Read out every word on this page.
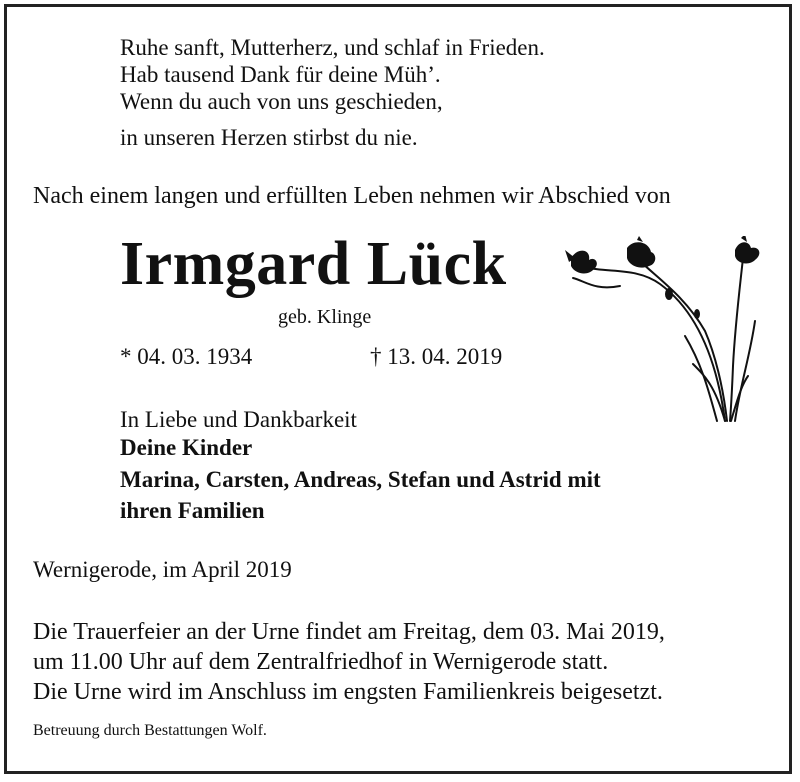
Ruhe sanft, Mutterherz, und schlaf in Frieden.
Hab tausend Dank für deine Müh’.
Wenn du auch von uns geschieden,
in unseren Herzen stirbst du nie.
Nach einem langen und erfüllten Leben nehmen wir Abschied von
Irmgard Lück
geb. Klinge
* 04. 03. 1934	† 13. 04. 2019
In Liebe und Dankbarkeit
Deine Kinder
Marina, Carsten, Andreas, Stefan und Astrid mit
ihren Familien
Wernigerode, im April 2019
Die Trauerfeier an der Urne findet am Freitag, dem 03. Mai 2019,
um 11.00 Uhr auf dem Zentralfriedhof in Wernigerode statt.
Die Urne wird im Anschluss im engsten Familienkreis beigesetzt.
Betreuung durch Bestattungen Wolf.
